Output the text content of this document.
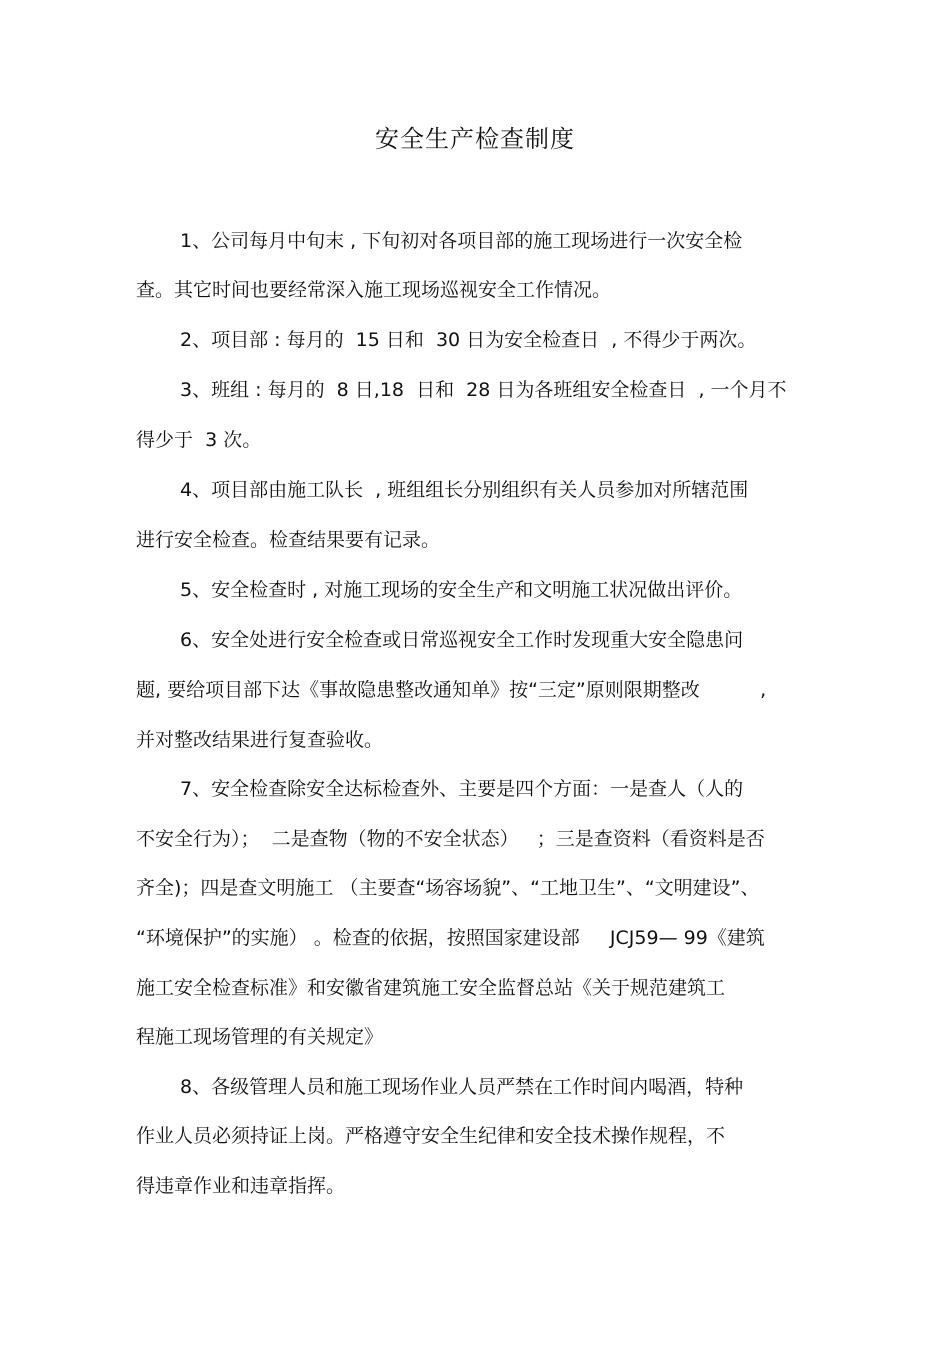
安全生产检查制度
1、公司每月中旬末 , 下旬初对各项目部的施工现场进行一次安全检
查。其它时间也要经常深入施工现场巡视安全工作情况。
2、项目部 : 每月的  15 日和  30 日为安全检查日  , 不得少于两次。
3、班组 : 每月的  8 日,18  日和  28 日为各班组安全检查日  , 一个月不
得少于  3 次。
4、项目部由施工队长  , 班组组长分别组织有关人员参加对所辖范围
进行安全检查。检查结果要有记录。
5、安全检查时 , 对施工现场的安全生产和文明施工状况做出评价。
6、安全处进行安全检查或日常巡视安全工作时发现重大安全隐患问
题, 要给项目部下达《事故隐患整改通知单》按“三定”原则限期整改          ,
并对整改结果进行复查验收。
7、安全检查除安全达标检查外、主要是四个方面：一是查人（人的
不安全行为）；  二是查物（物的不安全状态）   ；三是查资料（看资料是否
齐全)；四是查文明施工 （主要查“场容场貌”、“工地卫生”、“文明建设”、
“环境保护”的实施） 。检查的依据，按照国家建设部     JCJ59— 99《建筑
施工安全检查标准》和安徽省建筑施工安全监督总站《关于规范建筑工
程施工现场管理的有关规定》
8、各级管理人员和施工现场作业人员严禁在工作时间内喝酒，特种
作业人员必须持证上岗。严格遵守安全生纪律和安全技术操作规程，不
得违章作业和违章指挥。
